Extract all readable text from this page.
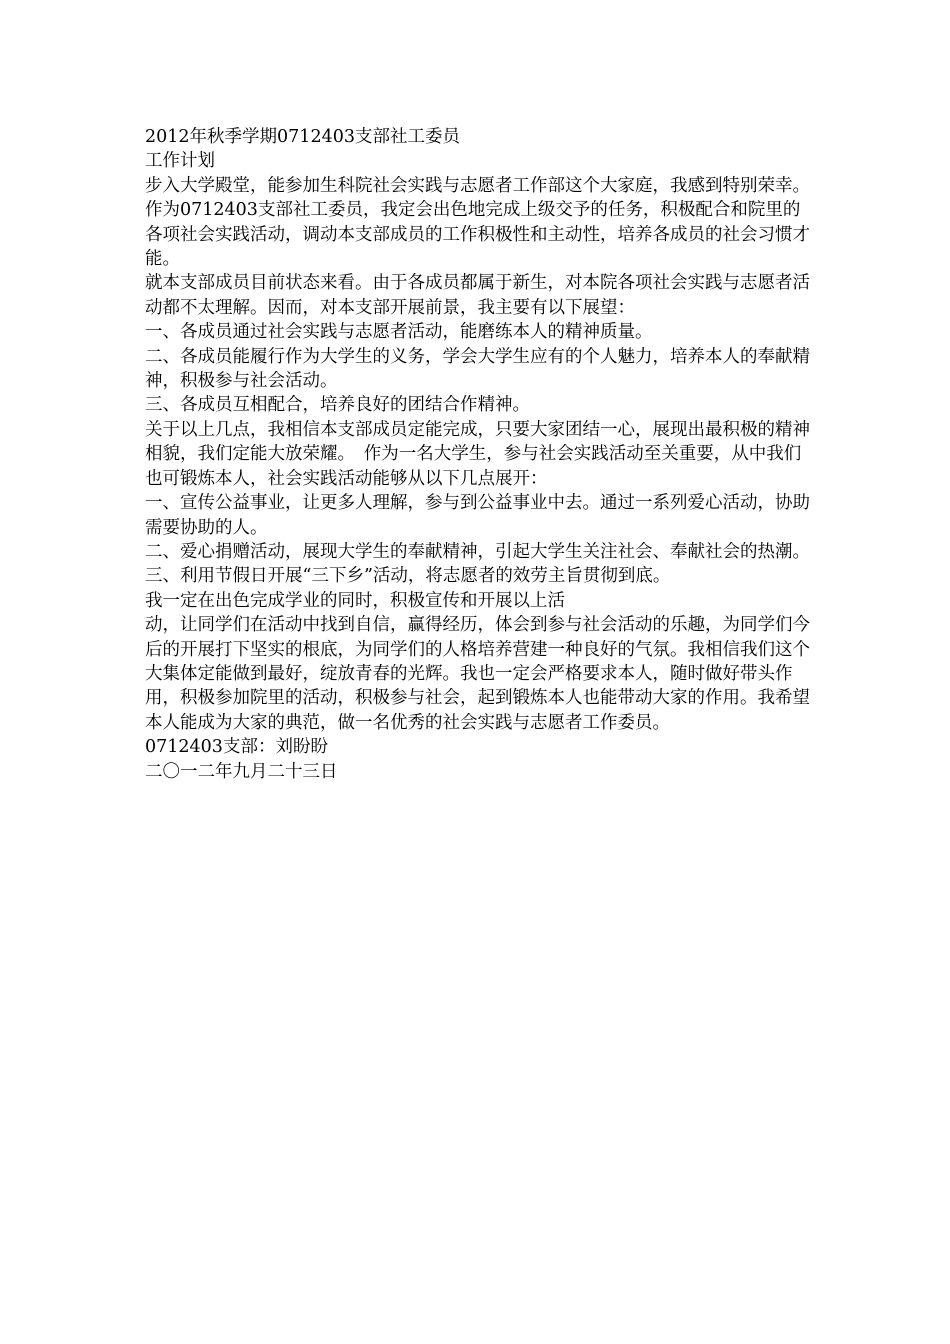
2012年秋季学期0712403支部社工委员

工作计划

步入大学殿堂，能参加生科院社会实践与志愿者工作部这个大家庭，我感到特别荣幸。作为0712403支部社工委员，我定会出色地完成上级交予的任务，积极配合和院里的各项社会实践活动，调动本支部成员的工作积极性和主动性，培养各成员的社会习惯才能。

就本支部成员目前状态来看。由于各成员都属于新生，对本院各项社会实践与志愿者活动都不太理解。因而，对本支部开展前景，我主要有以下展望：

一、各成员通过社会实践与志愿者活动，能磨练本人的精神质量。

二、各成员能履行作为大学生的义务，学会大学生应有的个人魅力，培养本人的奉献精神，积极参与社会活动。

三、各成员互相配合，培养良好的团结合作精神。

关于以上几点，我相信本支部成员定能完成，只要大家团结一心，展现出最积极的精神相貌，我们定能大放荣耀。　作为一名大学生，参与社会实践活动至关重要，从中我们也可锻炼本人，社会实践活动能够从以下几点展开：

一、宣传公益事业，让更多人理解，参与到公益事业中去。通过一系列爱心活动，协助需要协助的人。

二、爱心捐赠活动，展现大学生的奉献精神，引起大学生关注社会、奉献社会的热潮。

三、利用节假日开展“三下乡”活动，将志愿者的效劳主旨贯彻到底。

我一定在出色完成学业的同时，积极宣传和开展以上活

动，让同学们在活动中找到自信，赢得经历，体会到参与社会活动的乐趣，为同学们今后的开展打下坚实的根底，为同学们的人格培养营建一种良好的气氛。我相信我们这个大集体定能做到最好，绽放青春的光辉。我也一定会严格要求本人，随时做好带头作用，积极参加院里的活动，积极参与社会，起到锻炼本人也能带动大家的作用。我希望本人能成为大家的典范，做一名优秀的社会实践与志愿者工作委员。

0712403支部：刘盼盼

二〇一二年九月二十三日
